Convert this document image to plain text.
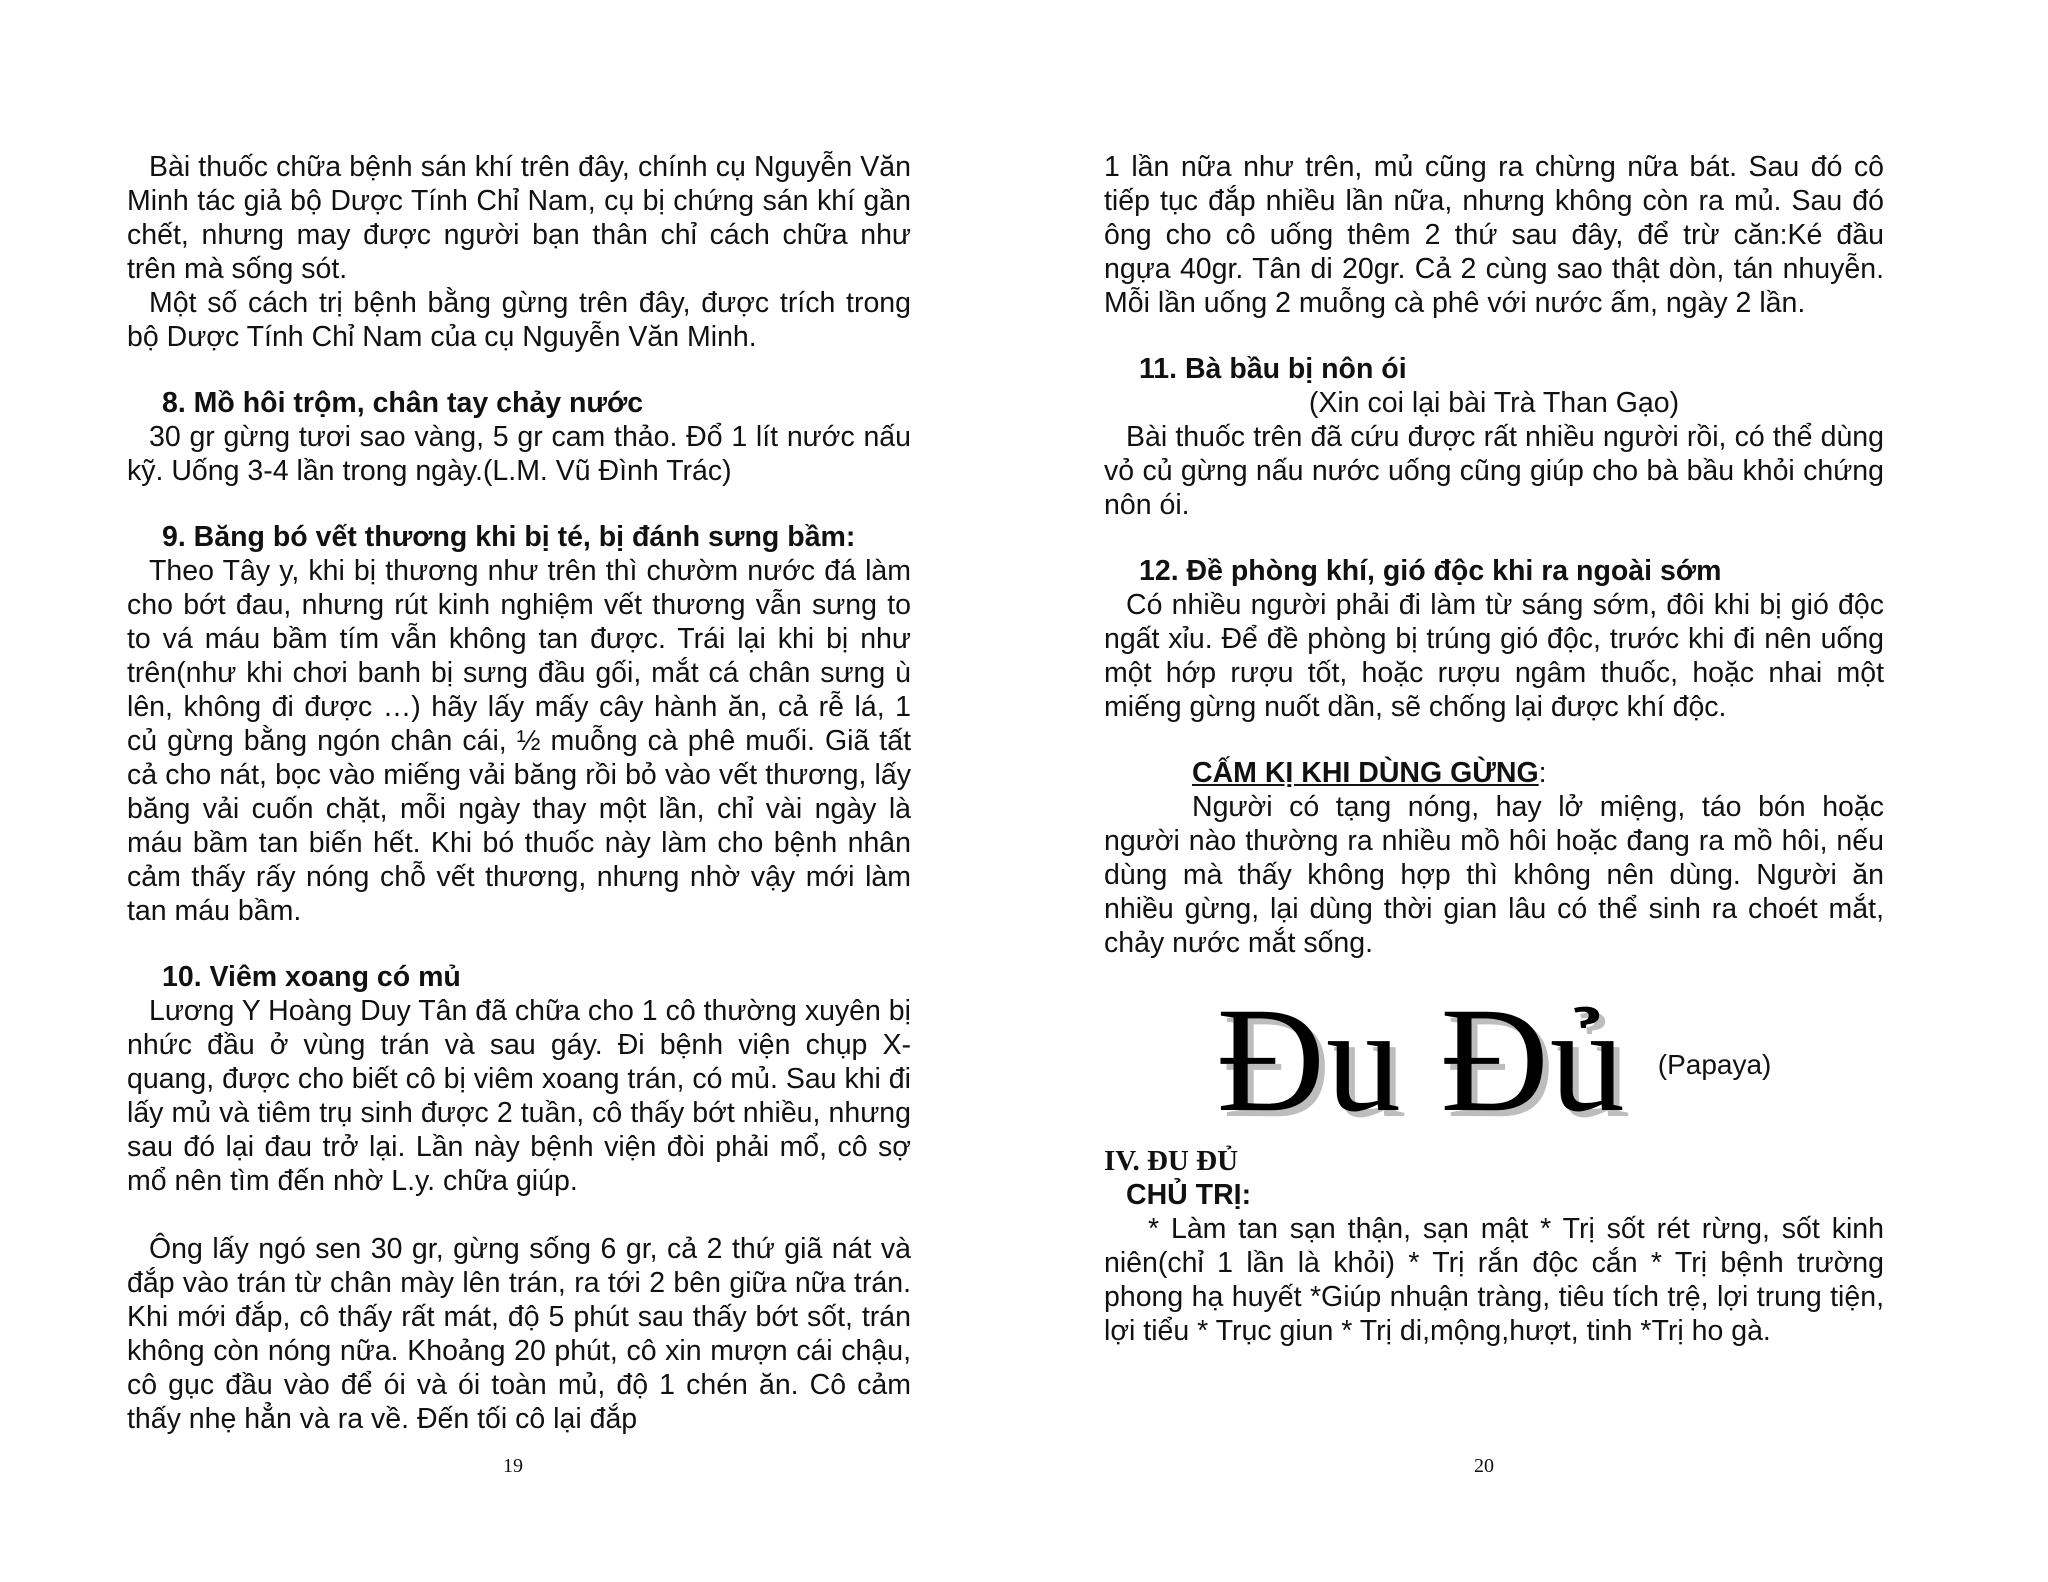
Bài thuốc chữa bệnh sán khí trên đây, chính cụ Nguyễn Văn Minh tác giả bộ Dược Tính Chỉ Nam, cụ bị chứng sán khí gần chết, nhưng may được người bạn thân chỉ cách chữa như trên mà sống sót.

Một số cách trị bệnh bằng gừng trên đây, được trích trong bộ Dược Tính Chỉ Nam của cụ Nguyễn Văn Minh.

8. Mồ hôi trộm, chân tay chảy nước

30 gr gừng tươi sao vàng, 5 gr cam thảo. Đổ 1 lít nước nấu kỹ. Uống 3-4 lần trong ngày.(L.M. Vũ Đình Trác)

9. Băng bó vết thương khi bị té, bị đánh sưng bầm:

Theo Tây y, khi bị thương như trên thì chườm nước đá làm cho bớt đau, nhưng rút kinh nghiệm vết thương vẫn sưng to to vá máu bầm tím vẫn không tan được. Trái lại khi bị như trên(như khi chơi banh bị sưng đầu gối, mắt cá chân sưng ù lên, không đi được …) hãy lấy mấy cây hành ăn, cả rễ lá, 1 củ gừng bằng ngón chân cái, ½ muỗng cà phê muối. Giã tất cả cho nát, bọc vào miếng vải băng rồi bỏ vào vết thương, lấy băng vải cuốn chặt, mỗi ngày thay một lần, chỉ vài ngày là máu bầm tan biến hết. Khi bó thuốc này làm cho bệnh nhân cảm thấy rấy nóng chỗ vết thương, nhưng nhờ vậy mới làm tan máu bầm.

10. Viêm xoang có mủ

Lương Y Hoàng Duy Tân đã chữa cho 1 cô thường xuyên bị nhức đầu ở vùng trán và sau gáy. Đi bệnh viện chụp X-quang, được cho biết cô bị viêm xoang trán, có mủ. Sau khi đi lấy mủ và tiêm trụ sinh được 2 tuần, cô thấy bớt nhiều, nhưng sau đó lại đau trở lại. Lần này bệnh viện đòi phải mổ, cô sợ mổ nên tìm đến nhờ L.y. chữa giúp.

Ông lấy ngó sen 30 gr, gừng sống 6 gr, cả 2 thứ giã nát và đắp vào trán từ chân mày lên trán, ra tới 2 bên giữa nữa trán. Khi mới đắp, cô thấy rất mát, độ 5 phút sau thấy bớt sốt, trán không còn nóng nữa. Khoảng 20 phút, cô xin mượn cái chậu, cô gục đầu vào để ói và ói toàn mủ, độ 1 chén ăn. Cô cảm thấy nhẹ hẳn và ra về. Đến tối cô lại đắp

1 lần nữa như trên, mủ cũng ra chừng nữa bát. Sau đó cô tiếp tục đắp nhiều lần nữa, nhưng không còn ra mủ. Sau đó ông cho cô uống thêm 2 thứ sau đây, để trừ căn:Ké đầu ngựa 40gr. Tân di 20gr. Cả 2 cùng sao thật dòn, tán nhuyễn. Mỗi lần uống 2 muỗng cà phê với nước ấm, ngày 2 lần.

11. Bà bầu bị nôn ói

(Xin coi lại bài Trà Than Gạo)

Bài thuốc trên đã cứu được rất nhiều người rồi, có thể dùng vỏ củ gừng nấu nước uống cũng giúp cho bà bầu khỏi chứng nôn ói.

12. Đề phòng khí, gió độc khi ra ngoài sớm

Có nhiều người phải đi làm từ sáng sớm, đôi khi bị gió độc ngất xỉu. Để đề phòng bị trúng gió độc, trước khi đi nên uống một hớp rượu tốt, hoặc rượu ngâm thuốc, hoặc nhai một miếng gừng nuốt dần, sẽ chống lại được khí độc.

CẤM KỊ KHI DÙNG GỪNG:

Người có tạng nóng, hay lở miệng, táo bón hoặc người nào thường ra nhiều mồ hôi hoặc đang ra mồ hôi, nếu dùng mà thấy không hợp thì không nên dùng. Người ăn nhiều gừng, lại dùng thời gian lâu có thể sinh ra choét mắt, chảy nước mắt sống.

Đu Đủ (Papaya)

IV. ĐU ĐỦ

CHỦ TRỊ:

* Làm tan sạn thận, sạn mật * Trị sốt rét rừng, sốt kinh niên(chỉ 1 lần là khỏi) * Trị rắn độc cắn * Trị bệnh trường phong hạ huyết *Giúp nhuận tràng, tiêu tích trệ, lợi trung tiện, lợi tiểu * Trục giun * Trị di,mộng,hượt, tinh *Trị ho gà.

19	20
